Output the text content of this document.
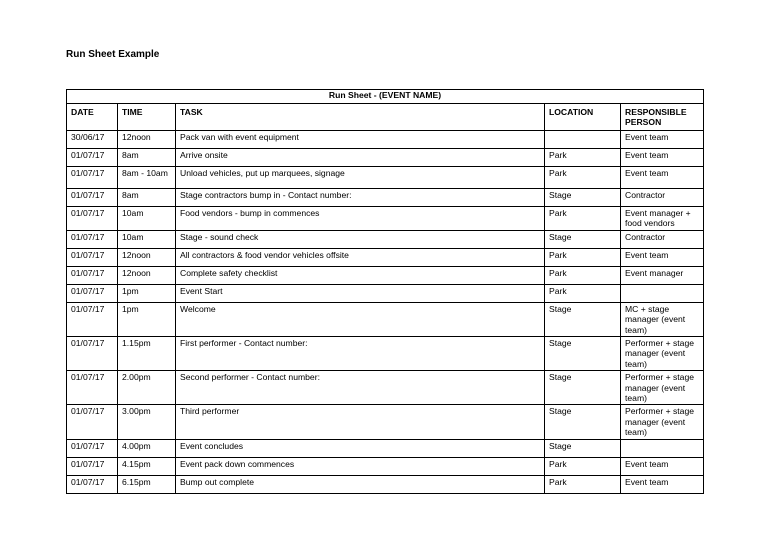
Run Sheet Example
Run Sheet - (EVENT NAME)				
DATE	TIME	TASK	LOCATION	RESPONSIBLE PERSON
30/06/17	12noon	Pack van with event equipment		Event team
01/07/17	8am	Arrive onsite	Park	Event team
01/07/17	8am - 10am	Unload vehicles, put up marquees, signage	Park	Event team
01/07/17	8am	Stage contractors bump in - Contact number:	Stage	Contractor
01/07/17	10am	Food vendors - bump in commences	Park	Event manager + food vendors
01/07/17	10am	Stage - sound check	Stage	Contractor
01/07/17	12noon	All contractors & food vendor vehicles offsite	Park	Event team
01/07/17	12noon	Complete safety checklist	Park	Event manager
01/07/17	1pm	Event Start	Park	
01/07/17	1pm	Welcome	Stage	MC + stage manager (event team)
01/07/17	1.15pm	First performer - Contact number:	Stage	Performer + stage manager (event team)
01/07/17	2.00pm	Second performer - Contact number:	Stage	Performer + stage manager (event team)
01/07/17	3.00pm	Third performer	Stage	Performer + stage manager (event team)
01/07/17	4.00pm	Event concludes	Stage	
01/07/17	4.15pm	Event pack down commences	Park	Event team
01/07/17	6.15pm	Bump out complete	Park	Event team
